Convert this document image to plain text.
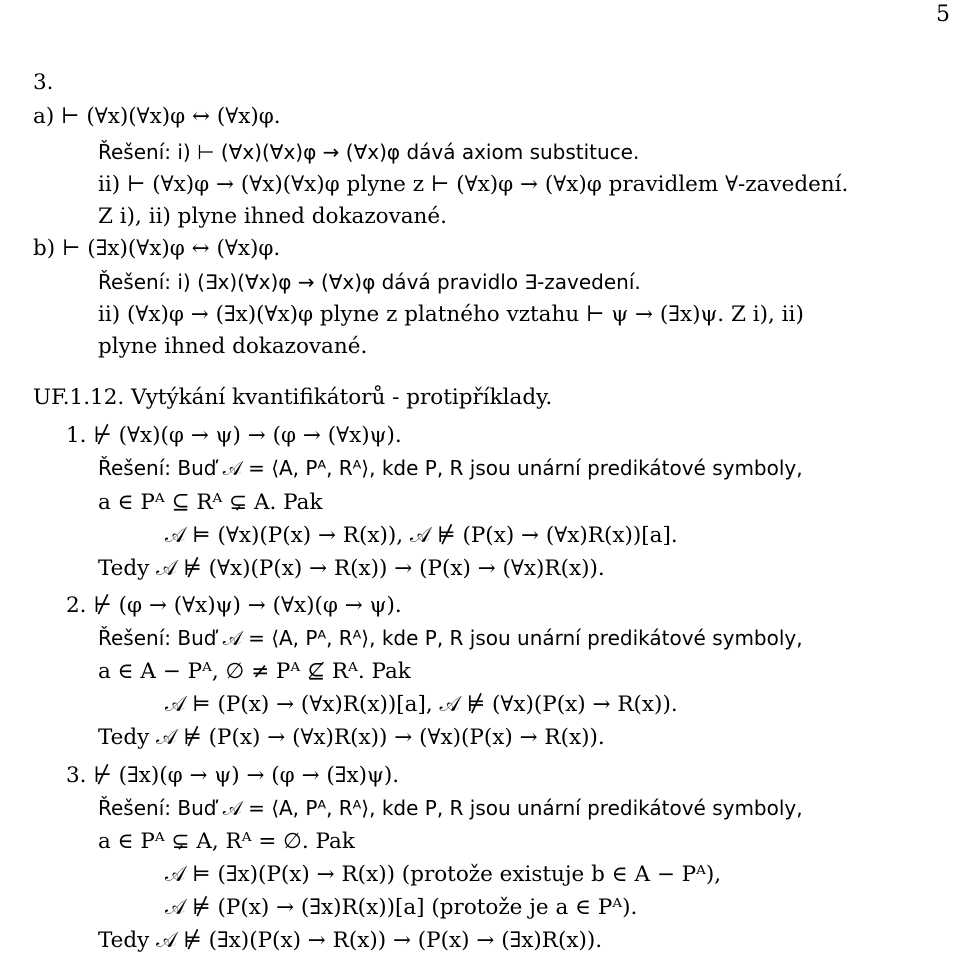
5
3.
a) ⊢ (∀x)(∀x)φ ↔ (∀x)φ.
Řešení: i) ⊢ (∀x)(∀x)φ → (∀x)φ dává axiom substituce.
ii) ⊢ (∀x)φ → (∀x)(∀x)φ plyne z ⊢ (∀x)φ → (∀x)φ pravidlem ∀-zavedení.
Z i), ii) plyne ihned dokazované.
b) ⊢ (∃x)(∀x)φ ↔ (∀x)φ.
Řešení: i) (∃x)(∀x)φ → (∀x)φ dává pravidlo ∃-zavedení.
ii) (∀x)φ → (∃x)(∀x)φ plyne z platného vztahu ⊢ ψ → (∃x)ψ. Z i), ii)
plyne ihned dokazované.
UF.1.12. Vytýkání kvantifikátorů - protipříklady.
1. ⊬ (∀x)(φ → ψ) → (φ → (∀x)ψ).
Řešení: Buď 𝒜 = ⟨A, Pᴬ, Rᴬ⟩, kde P, R jsou unární predikátové symboly,
a ∈ Pᴬ ⊆ Rᴬ ⊊ A. Pak
𝒜 ⊨ (∀x)(P(x) → R(x)), 𝒜 ⊭ (P(x) → (∀x)R(x))[a].
Tedy 𝒜 ⊭ (∀x)(P(x) → R(x)) → (P(x) → (∀x)R(x)).
2. ⊬ (φ → (∀x)ψ) → (∀x)(φ → ψ).
Řešení: Buď 𝒜 = ⟨A, Pᴬ, Rᴬ⟩, kde P, R jsou unární predikátové symboly,
a ∈ A − Pᴬ, ∅ ≠ Pᴬ ⊈ Rᴬ. Pak
𝒜 ⊨ (P(x) → (∀x)R(x))[a], 𝒜 ⊭ (∀x)(P(x) → R(x)).
Tedy 𝒜 ⊭ (P(x) → (∀x)R(x)) → (∀x)(P(x) → R(x)).
3. ⊬ (∃x)(φ → ψ) → (φ → (∃x)ψ).
Řešení: Buď 𝒜 = ⟨A, Pᴬ, Rᴬ⟩, kde P, R jsou unární predikátové symboly,
a ∈ Pᴬ ⊊ A, Rᴬ = ∅. Pak
𝒜 ⊨ (∃x)(P(x) → R(x)) (protože existuje b ∈ A − Pᴬ),
𝒜 ⊭ (P(x) → (∃x)R(x))[a] (protože je a ∈ Pᴬ).
Tedy 𝒜 ⊭ (∃x)(P(x) → R(x)) → (P(x) → (∃x)R(x)).
